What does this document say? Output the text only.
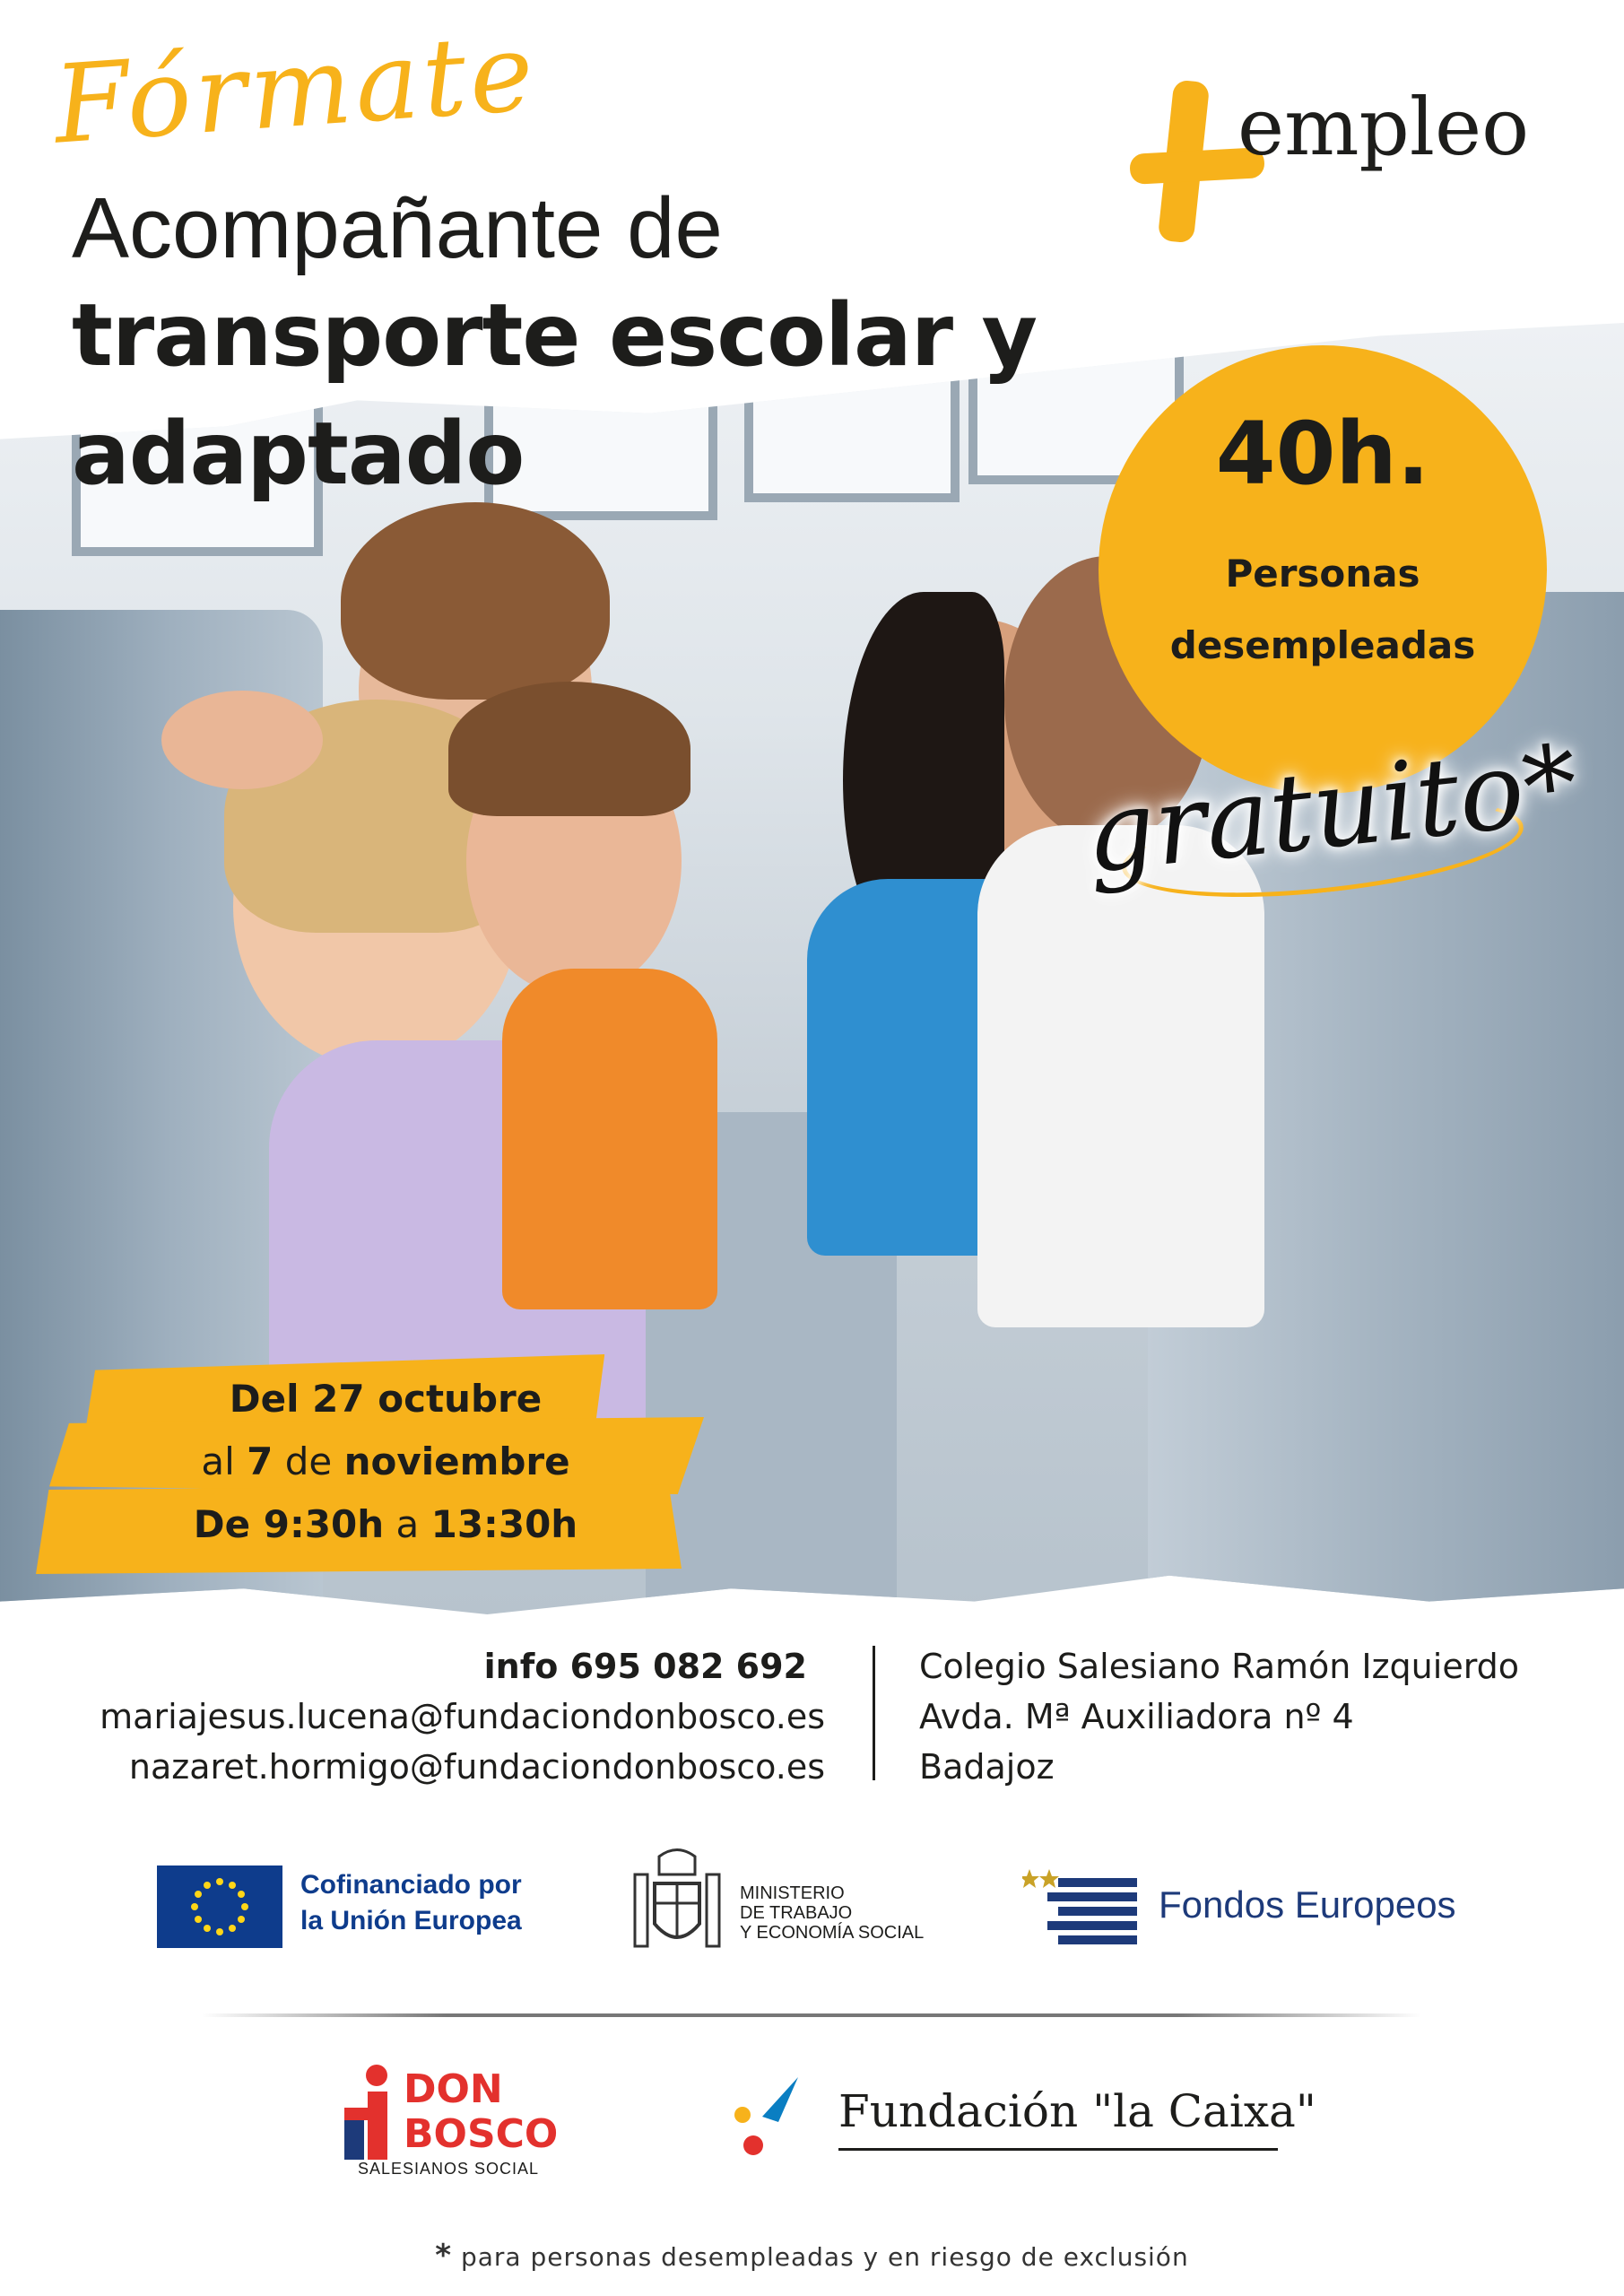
Fórmate
Acompañante de
transporte escolar y
adaptado
empleo
40h.
Personas
desempleadas
gratuito*
Del 27 octubre
al 7 de noviembre
De 9:30h a 13:30h
info 695 082 692
mariajesus.lucena@fundaciondonbosco.es
nazaret.hormigo@fundaciondonbosco.es
Colegio Salesiano Ramón Izquierdo
Avda. Mª Auxiliadora nº 4
Badajoz
Cofinanciado por
la Unión Europea
MINISTERIO
DE TRABAJO
Y ECONOMÍA SOCIAL
Fondos Europeos
DON
BOSCO
SALESIANOS SOCIAL
Fundación "la Caixa"
* para personas desempleadas y en riesgo de exclusión
